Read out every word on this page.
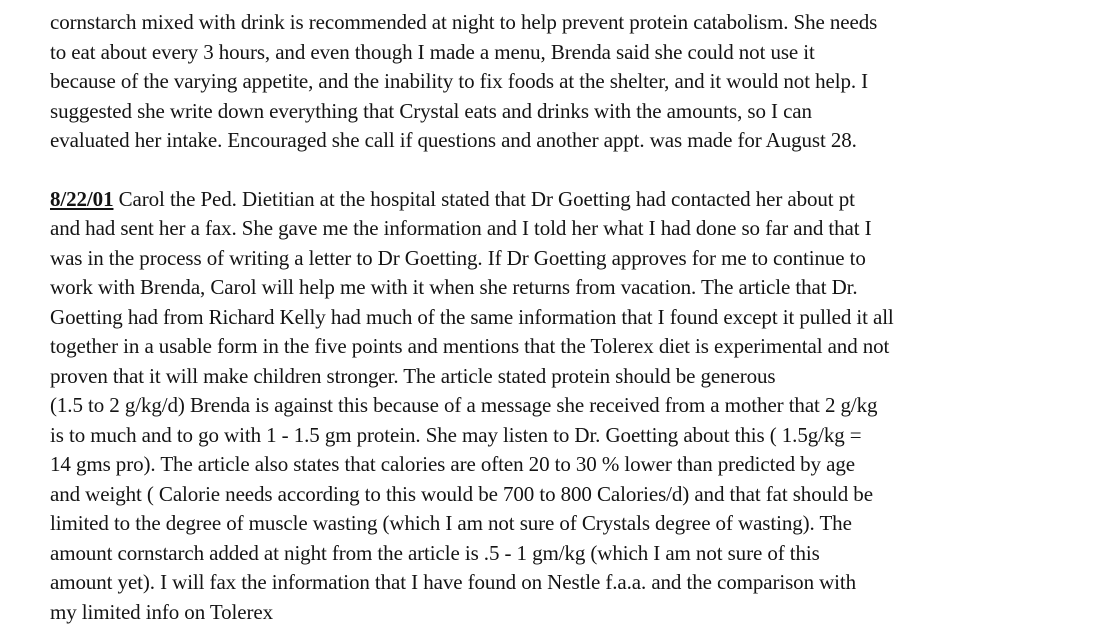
cornstarch mixed with drink is recommended at night to help prevent protein catabolism. She needs
to eat about every 3 hours, and even though I made a menu, Brenda said she could not use it
because of the varying appetite, and the inability to fix foods at the shelter, and it would not help. I
suggested she write down everything that Crystal eats and drinks with the amounts, so I can
evaluated her intake. Encouraged she call if questions and another appt. was made for August 28.
8/22/01 Carol the Ped. Dietitian at the hospital stated that Dr Goetting had contacted her about pt
and had sent her a fax. She gave me the information and I told her what I had done so far and that I
was in the process of writing a letter to Dr Goetting. If Dr Goetting approves for me to continue to
work with Brenda, Carol will help me with it when she returns from vacation. The article that Dr.
Goetting had from Richard Kelly had much of the same information that I found except it pulled it all
together in a usable form in the five points and mentions that the Tolerex diet is experimental and not
proven that it will make children stronger. The article stated protein should be generous
(1.5 to 2 g/kg/d) Brenda is against this because of a message she received from a mother that 2 g/kg
is to much and to go with 1 - 1.5 gm protein. She may listen to Dr. Goetting about this ( 1.5g/kg =
14 gms pro). The article also states that calories are often 20 to 30 % lower than predicted by age
and weight ( Calorie needs according to this would be 700 to 800 Calories/d) and that fat should be
limited to the degree of muscle wasting (which I am not sure of Crystals degree of wasting). The
amount cornstarch added at night from the article is .5 - 1 gm/kg (which I am not sure of this
amount yet). I will fax the information that I have found on Nestle f.a.a. and the comparison with
my limited info on Tolerex
